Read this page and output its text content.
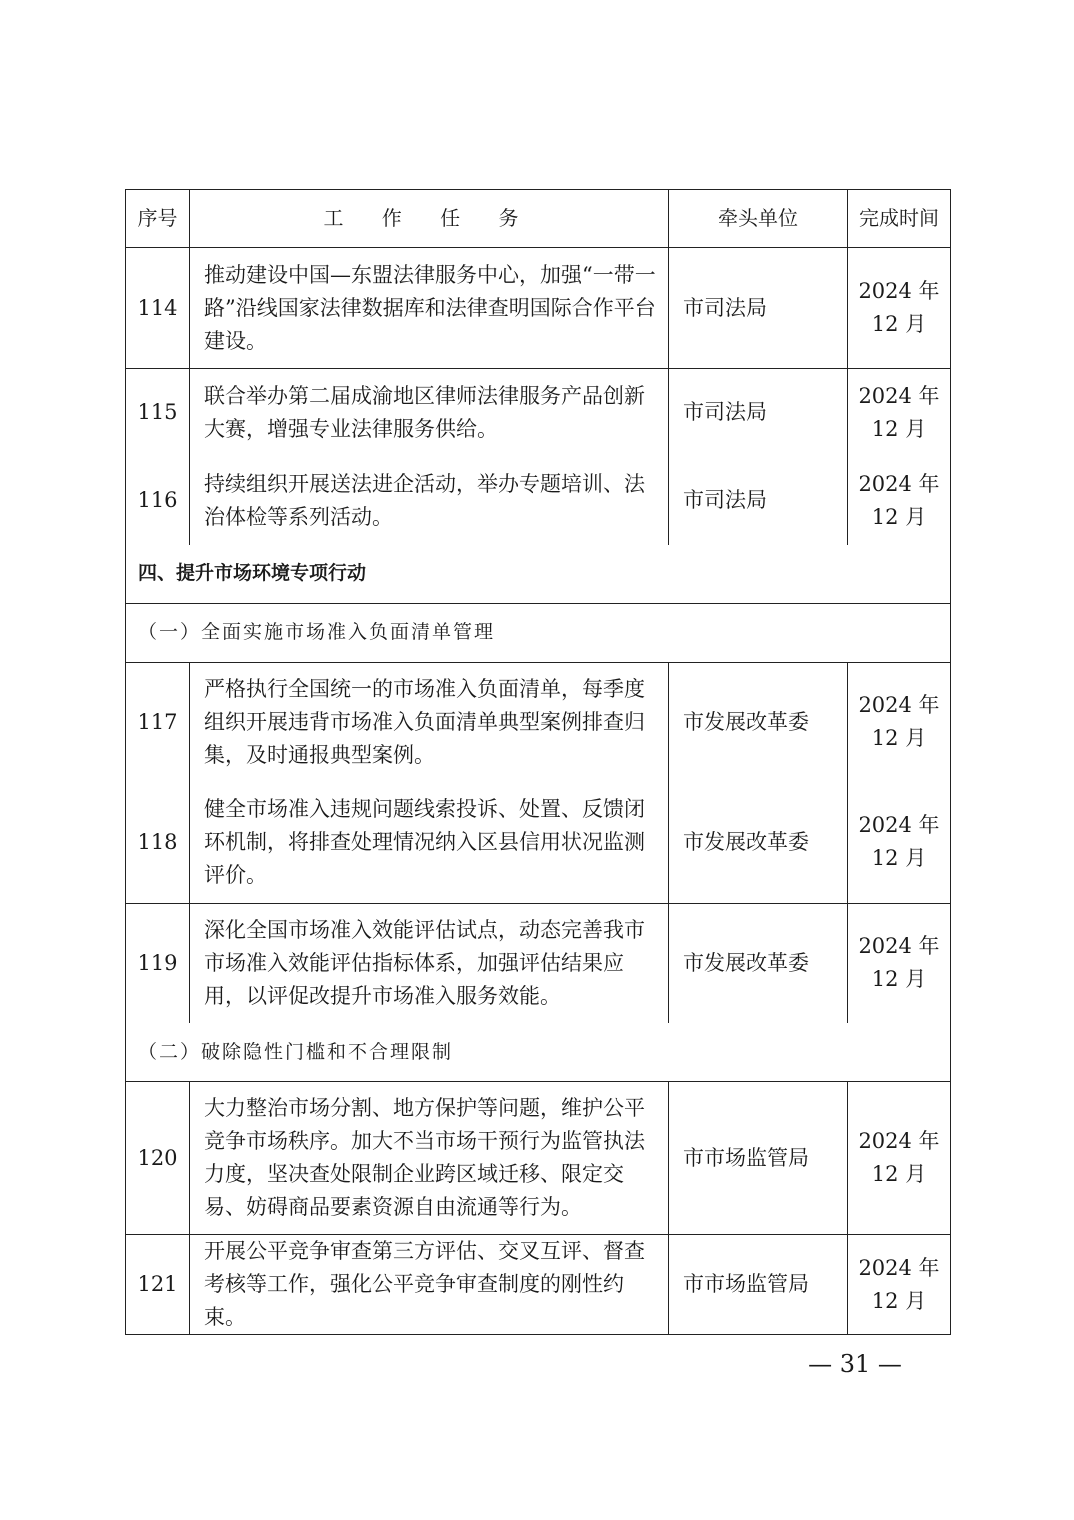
序号	工 作 任 务	牵头单位	完成时间
114	推动建设中国—东盟法律服务中心，加强“一带一路”沿线国家法律数据库和法律查明国际合作平台建设。	市司法局	2024 年
12 月
115	联合举办第二届成渝地区律师法律服务产品创新大赛，增强专业法律服务供给。	市司法局	2024 年
12 月
116	持续组织开展送法进企活动，举办专题培训、法治体检等系列活动。	市司法局	2024 年
12 月
四、提升市场环境专项行动			
（一）全面实施市场准入负面清单管理			
117	严格执行全国统一的市场准入负面清单，每季度组织开展违背市场准入负面清单典型案例排查归集，及时通报典型案例。	市发展改革委	2024 年
12 月
118	健全市场准入违规问题线索投诉、处置、反馈闭环机制，将排查处理情况纳入区县信用状况监测评价。	市发展改革委	2024 年
12 月
119	深化全国市场准入效能评估试点，动态完善我市市场准入效能评估指标体系，加强评估结果应用，以评促改提升市场准入服务效能。	市发展改革委	2024 年
12 月
（二）破除隐性门槛和不合理限制			
120	大力整治市场分割、地方保护等问题，维护公平竞争市场秩序。加大不当市场干预行为监管执法力度，坚决查处限制企业跨区域迁移、限定交易、妨碍商品要素资源自由流通等行为。	市市场监管局	2024 年
12 月
121	开展公平竞争审查第三方评估、交叉互评、督查考核等工作，强化公平竞争审查制度的刚性约束。	市市场监管局	2024 年
12 月
— 31 —
